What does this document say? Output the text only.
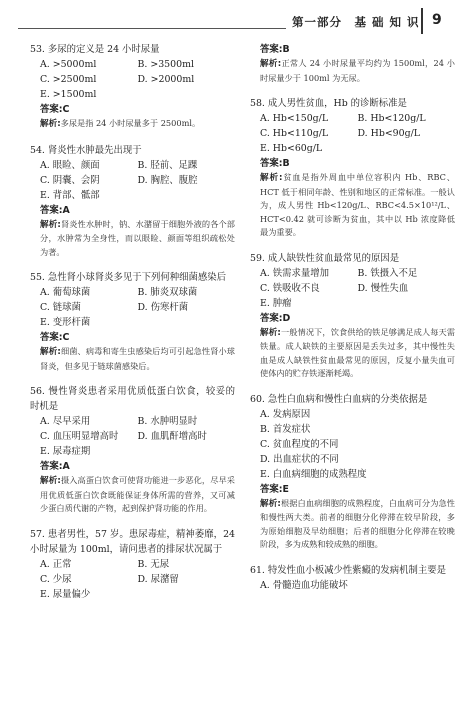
第一部分　基 础 知 识 9
53. 多尿的定义是 24 小时尿量
A. >5000ml	B. >3500ml
C. >2500ml	D. >2000ml
E. >1500ml
答案:C
解析:多尿是指 24 小时尿量多于 2500ml。
54. 肾炎性水肿最先出现于
A. 眼睑、颜面	B. 胫前、足踝
C. 阴囊、会阴	D. 胸腔、腹腔
E. 背部、骶部
答案:A
解析:肾炎性水肿时，钠、水潴留于细胞外液的各个部分，水肿常为全身性，而以眼睑、颜面等组织疏松处为著。
55. 急性肾小球肾炎多见于下列何种细菌感染后
A. 葡萄球菌	B. 肺炎双球菌
C. 链球菌	D. 伤寒杆菌
E. 变形杆菌
答案:C
解析:细菌、病毒和寄生虫感染后均可引起急性肾小球肾炎，但多见于链球菌感染后。
56. 慢性肾炎患者采用优质低蛋白饮食，较妥的时机是
A. 尽早采用	B. 水肿明显时
C. 血压明显增高时	D. 血肌酐增高时
E. 尿毒症期
答案:A
解析:摄入高蛋白饮食可使肾功能进一步恶化，尽早采用优质低蛋白饮食既能保证身体所需的营养，又可减少蛋白质代谢的产物，起到保护肾功能的作用。
57. 患者男性，57 岁。患尿毒症，精神萎靡，24 小时尿量为 100ml，请问患者的排尿状况属于
A. 正常	B. 无尿
C. 少尿	D. 尿潴留
E. 尿量偏少
答案:B
解析:正常人 24 小时尿量平均约为 1500ml，24 小时尿量少于 100ml 为无尿。
58. 成人男性贫血，Hb 的诊断标准是
A. Hb<150g/L	B. Hb<120g/L
C. Hb<110g/L	D. Hb<90g/L
E. Hb<60g/L
答案:B
解析:贫血是指外周血中单位容积内 Hb、RBC、HCT 低于相同年龄、性别和地区的正常标准。一般认为，成人男性 Hb<120g/L、RBC<4.5×10¹²/L、HCT<0.42 就可诊断为贫血，其中以 Hb 浓度降低最为重要。
59. 成人缺铁性贫血最常见的原因是
A. 铁需求量增加	B. 铁摄入不足
C. 铁吸收不良	D. 慢性失血
E. 肿瘤
答案:D
解析:一般情况下，饮食供给的铁足够满足成人每天需铁量。成人缺铁的主要原因是丢失过多，其中慢性失血是成人缺铁性贫血最常见的原因，反复小量失血可使体内的贮存铁逐渐耗竭。
60. 急性白血病和慢性白血病的分类依据是
A. 发病原因
B. 首发症状
C. 贫血程度的不同
D. 出血症状的不同
E. 白血病细胞的成熟程度
答案:E
解析:根据白血病细胞的成熟程度，白血病可分为急性和慢性两大类。前者的细胞分化停滞在较早阶段，多为原始细胞及早幼细胞；后者的细胞分化停滞在较晚阶段，多为成熟和较成熟的细胞。
61. 特发性血小板减少性紫癜的发病机制主要是
A. 骨髓造血功能破坏
